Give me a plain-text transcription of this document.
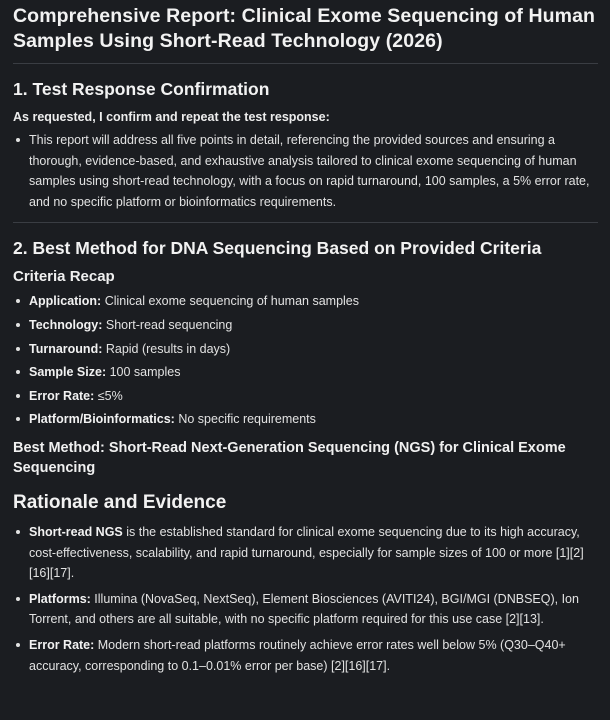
Comprehensive Report: Clinical Exome Sequencing of Human Samples Using Short-Read Technology (2026)
1. Test Response Confirmation

As requested, I confirm and repeat the test response:

This report will address all five points in detail, referencing the provided sources and ensuring a thorough, evidence-based, and exhaustive analysis tailored to clinical exome sequencing of human samples using short-read technology, with a focus on rapid turnaround, 100 samples, a 5% error rate, and no specific platform or bioinformatics requirements.
2. Best Method for DNA Sequencing Based on Provided Criteria
Criteria Recap
Application: Clinical exome sequencing of human samples
Technology: Short-read sequencing
Turnaround: Rapid (results in days)
Sample Size: 100 samples
Error Rate: ≤5%
Platform/Bioinformatics: No specific requirements
Best Method: Short-Read Next-Generation Sequencing (NGS) for Clinical Exome Sequencing
Rationale and Evidence
Short-read NGS is the established standard for clinical exome sequencing due to its high accuracy, cost-effectiveness, scalability, and rapid turnaround, especially for sample sizes of 100 or more [1][2][16][17].
Platforms: Illumina (NovaSeq, NextSeq), Element Biosciences (AVITI24), BGI/MGI (DNBSEQ), Ion Torrent, and others are all suitable, with no specific platform required for this use case [2][13].
Error Rate: Modern short-read platforms routinely achieve error rates well below 5% (Q30–Q40+ accuracy, corresponding to 0.1–0.01% error per base) [2][16][17].
